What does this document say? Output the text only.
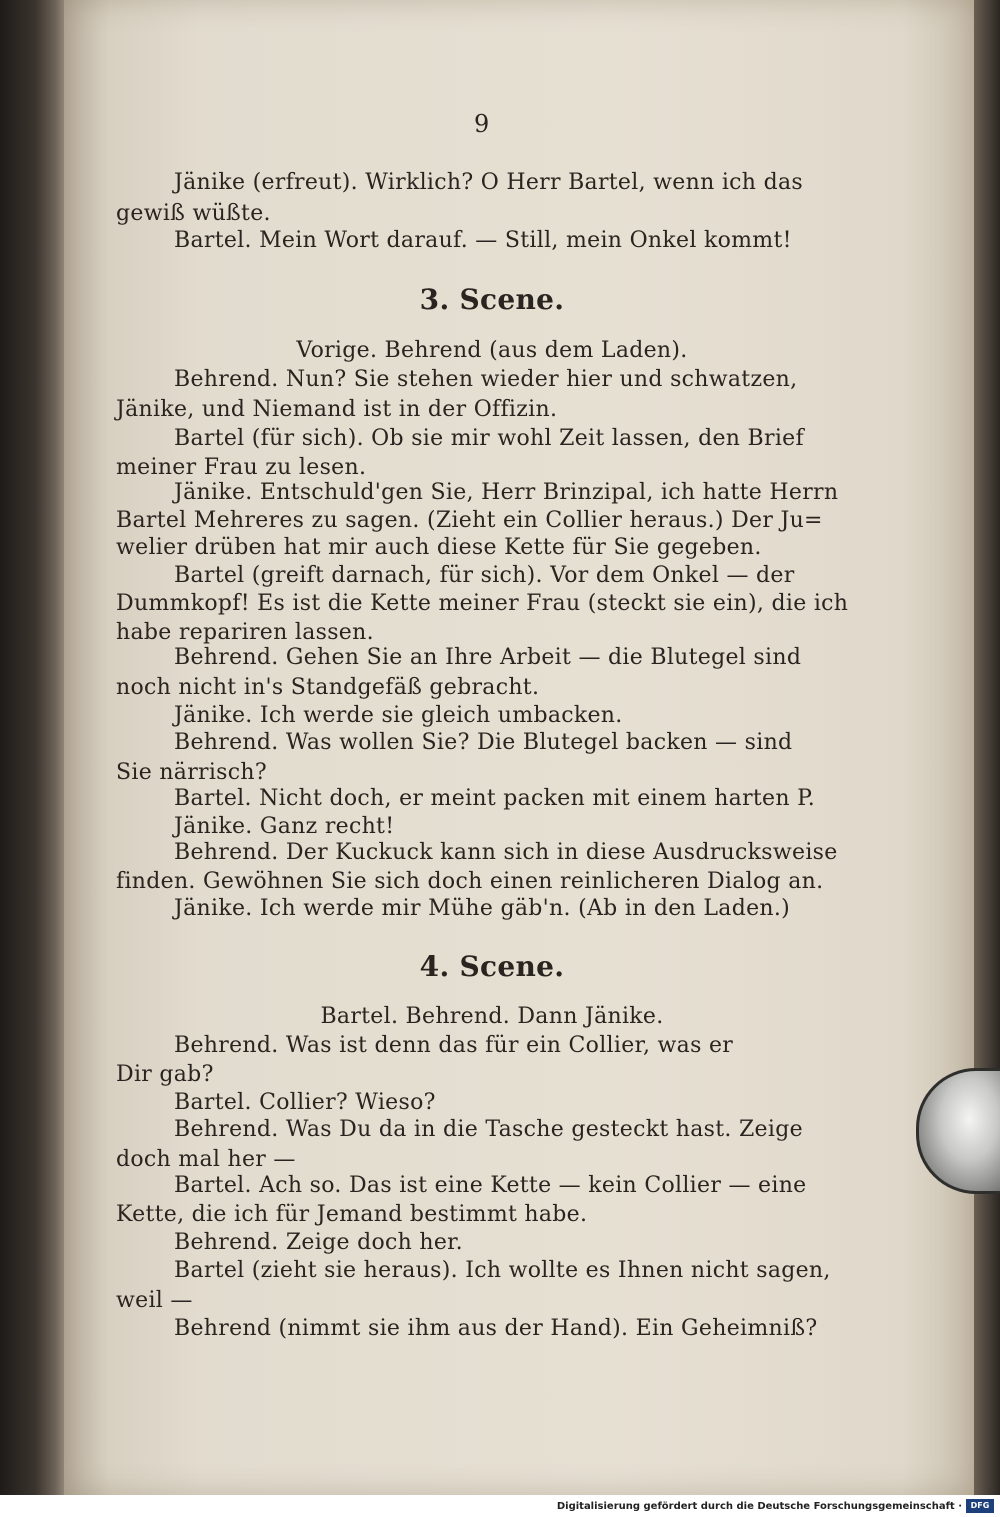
9
Jänike (erfreut). Wirklich? O Herr Bartel, wenn ich das
gewiß wüßte.
Bartel. Mein Wort darauf. — Still, mein Onkel kommt!
3. Scene.
Vorige. Behrend (aus dem Laden).
Behrend. Nun? Sie stehen wieder hier und schwatzen,
Jänike, und Niemand ist in der Offizin.
Bartel (für sich). Ob sie mir wohl Zeit lassen, den Brief
meiner Frau zu lesen.
Jänike. Entschuld'gen Sie, Herr Brinzipal, ich hatte Herrn
Bartel Mehreres zu sagen. (Zieht ein Collier heraus.) Der Ju=
welier drüben hat mir auch diese Kette für Sie gegeben.
Bartel (greift darnach, für sich). Vor dem Onkel — der
Dummkopf! Es ist die Kette meiner Frau (steckt sie ein), die ich
habe repariren lassen.
Behrend. Gehen Sie an Ihre Arbeit — die Blutegel sind
noch nicht in's Standgefäß gebracht.
Jänike. Ich werde sie gleich umbacken.
Behrend. Was wollen Sie? Die Blutegel backen — sind
Sie närrisch?
Bartel. Nicht doch, er meint packen mit einem harten P.
Jänike. Ganz recht!
Behrend. Der Kuckuck kann sich in diese Ausdrucksweise
finden. Gewöhnen Sie sich doch einen reinlicheren Dialog an.
Jänike. Ich werde mir Mühe gäb'n. (Ab in den Laden.)
4. Scene.
Bartel. Behrend. Dann Jänike.
Behrend. Was ist denn das für ein Collier, was er
Dir gab?
Bartel. Collier? Wieso?
Behrend. Was Du da in die Tasche gesteckt hast. Zeige
doch mal her —
Bartel. Ach so. Das ist eine Kette — kein Collier — eine
Kette, die ich für Jemand bestimmt habe.
Behrend. Zeige doch her.
Bartel (zieht sie heraus). Ich wollte es Ihnen nicht sagen,
weil —
Behrend (nimmt sie ihm aus der Hand). Ein Geheimniß?
Digitalisierung gefördert durch die Deutsche Forschungsgemeinschaft ·	DFG
